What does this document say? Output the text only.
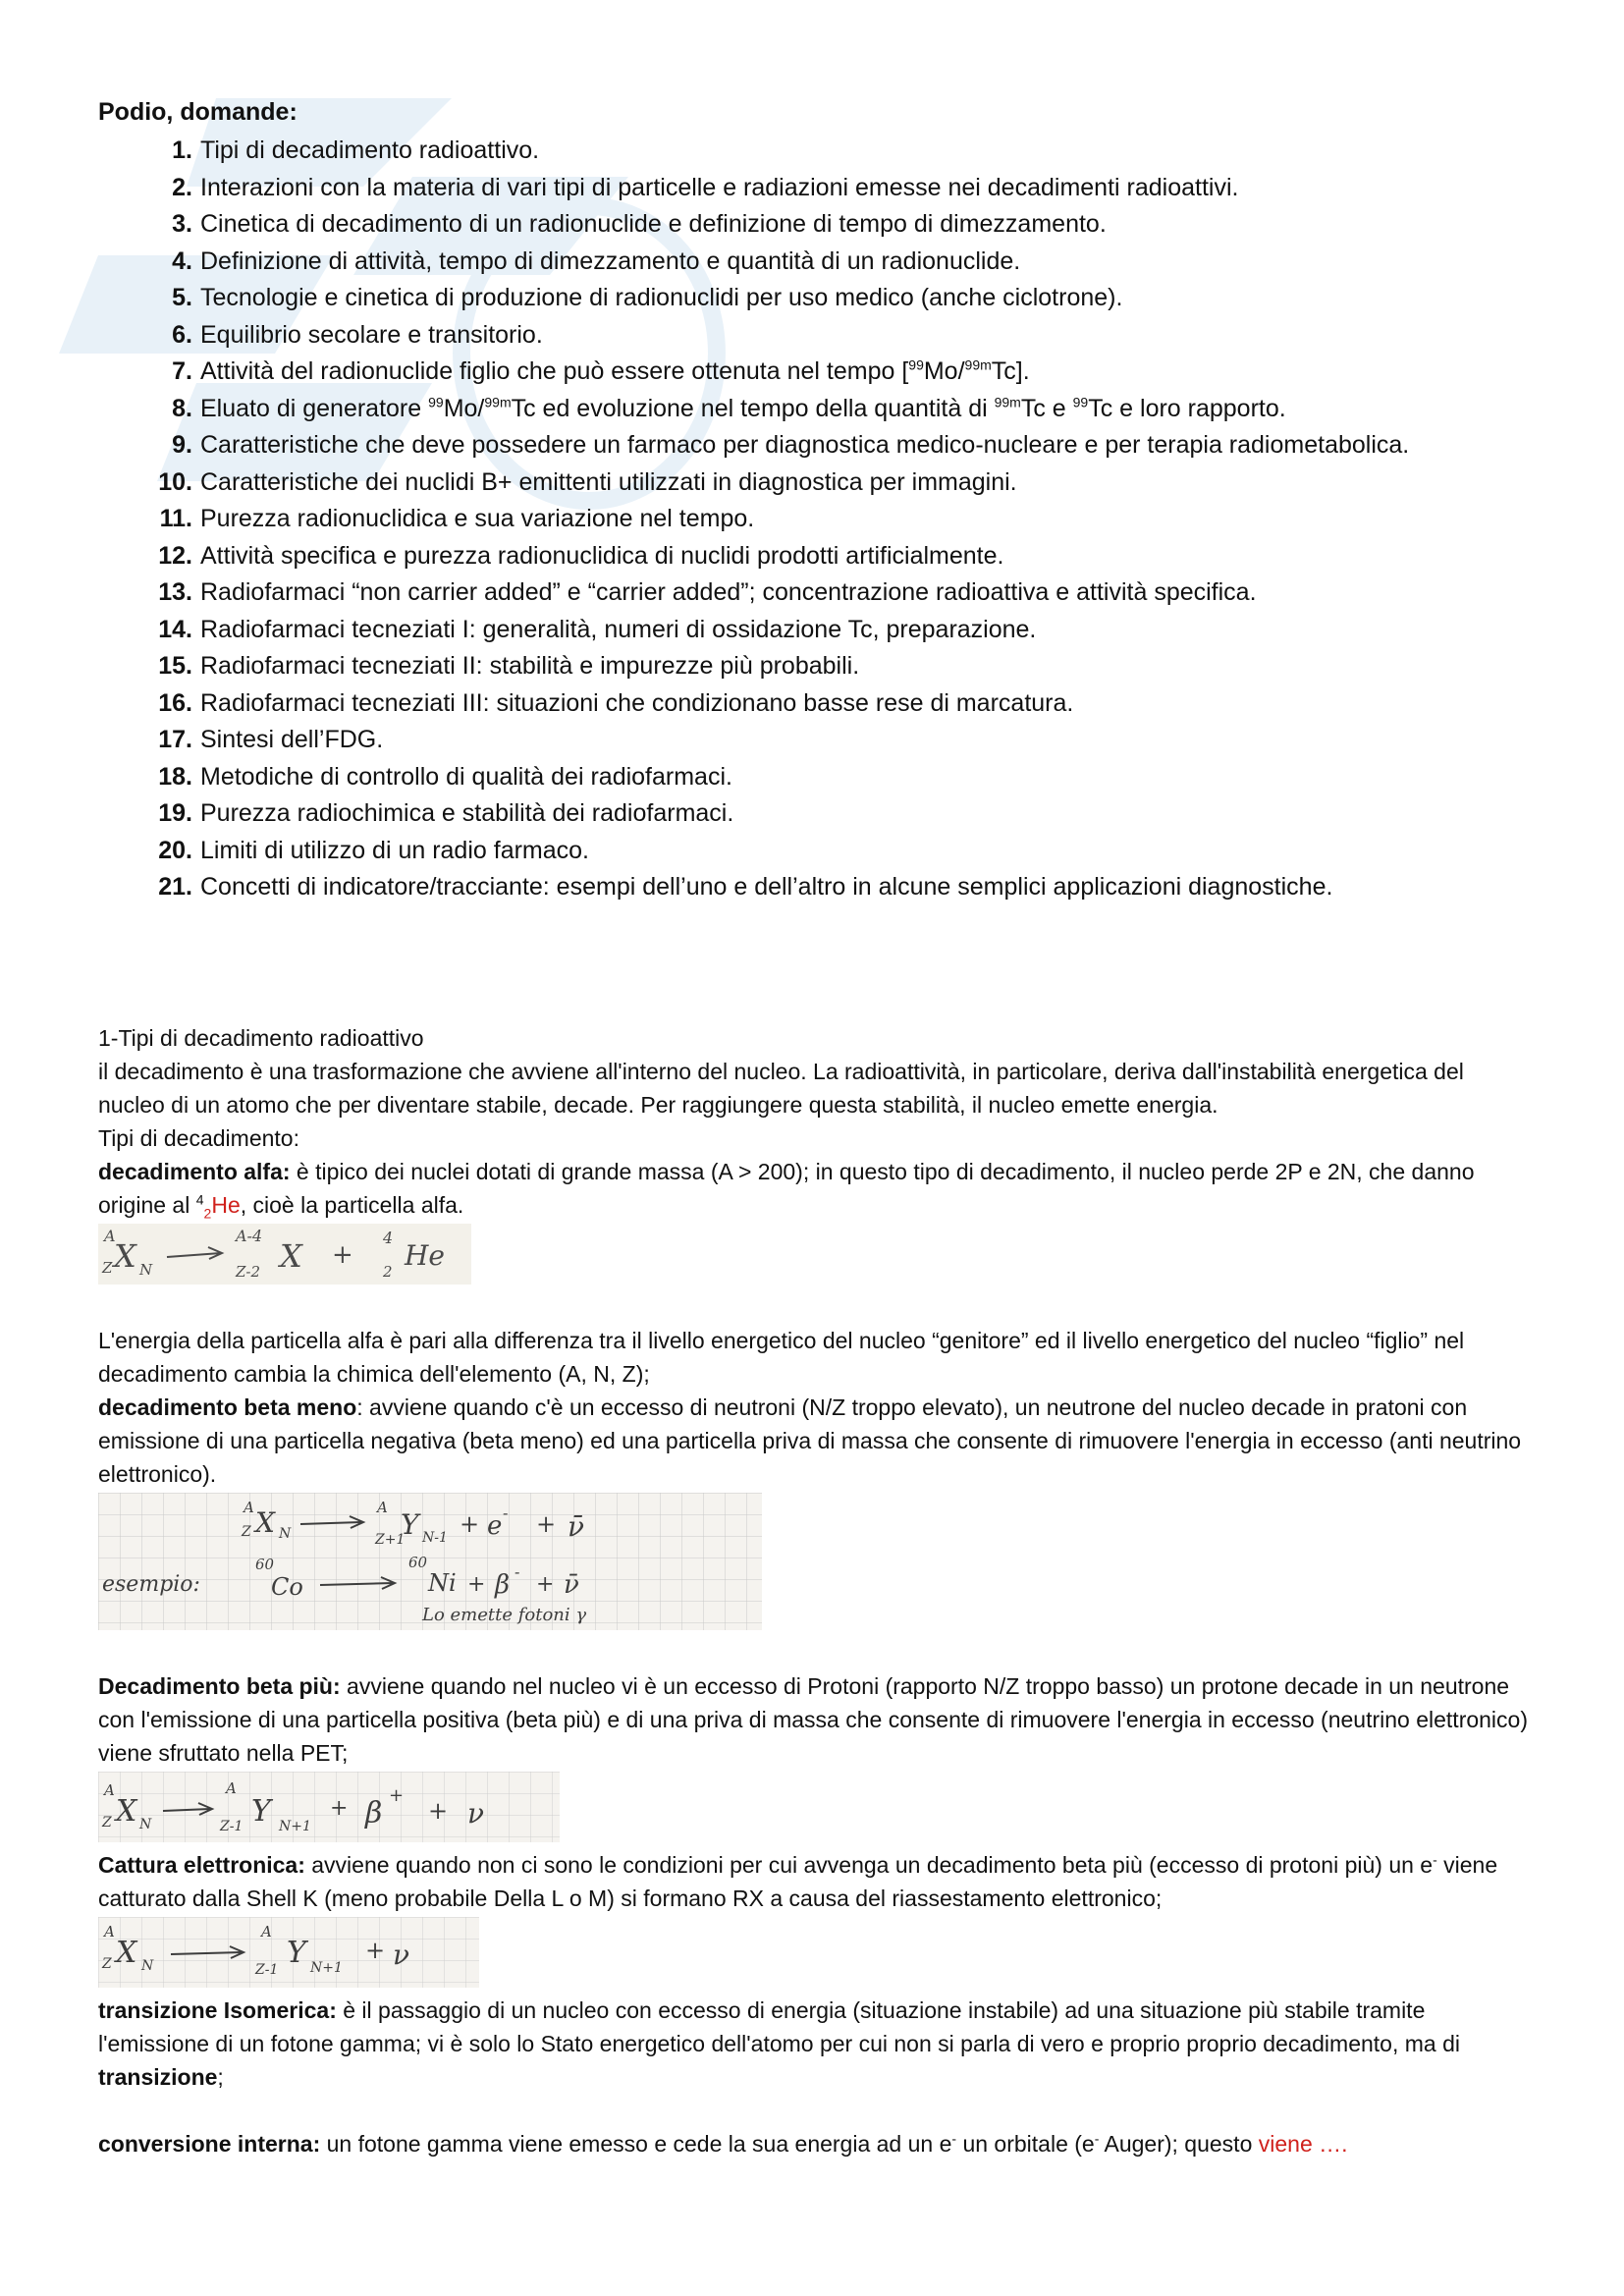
Podio, domande:
1. Tipi di decadimento radioattivo.
2. Interazioni con la materia di vari tipi di particelle e radiazioni emesse nei decadimenti radioattivi.
3. Cinetica di decadimento di un radionuclide e definizione di tempo di dimezzamento.
4. Definizione di attività, tempo di dimezzamento e quantità di un radionuclide.
5. Tecnologie e cinetica di produzione di radionuclidi per uso medico (anche ciclotrone).
6. Equilibrio secolare e transitorio.
7. Attività del radionuclide figlio che può essere ottenuta nel tempo [$^{99}$Mo/$^{99m}$Tc].
8. Eluato di generatore $^{99}$Mo/$^{99m}$Tc ed evoluzione nel tempo della quantità di $^{99m}$Tc e $^{99}$Tc e loro rapporto.
9. Caratteristiche che deve possedere un farmaco per diagnostica medico-nucleare e per terapia radiometabolica.
10. Caratteristiche dei nuclidi B+ emittenti utilizzati in diagnostica per immagini.
11. Purezza radionuclidica e sua variazione nel tempo.
12. Attività specifica e purezza radionuclidica di nuclidi prodotti artificialmente.
13. Radiofarmaci “non carrier added” e “carrier added”; concentrazione radioattiva e attività specifica.
14. Radiofarmaci tecneziati I: generalità, numeri di ossidazione Tc, preparazione.
15. Radiofarmaci tecneziati II: stabilità e impurezze più probabili.
16. Radiofarmaci tecneziati III: situazioni che condizionano basse rese di marcatura.
17. Sintesi dell’FDG.
18. Metodiche di controllo di qualità dei radiofarmaci.
19. Purezza radiochimica e stabilità dei radiofarmaci.
20. Limiti di utilizzo di un radio farmaco.
21. Concetti di indicatore/tracciante: esempi dell’uno e dell’altro in alcune semplici applicazioni diagnostiche.

1-Tipi di decadimento radioattivo

il decadimento è una trasformazione che avviene all'interno del nucleo. La radioattività, in particolare, deriva dall'instabilità energetica del nucleo di un atomo che per diventare stabile, decade. Per raggiungere questa stabilità, il nucleo emette energia.

Tipi di decadimento:

decadimento alfa: è tipico dei nuclei dotati di grande massa (A > 200); in questo tipo di decadimento, il nucleo perde 2P e 2N, che danno origine al $^4_2$He, cioè la particella alfa.

A
Z X N
A-4
Z-2 X +
4
2 He

L'energia della particella alfa è pari alla differenza tra il livello energetico del nucleo “genitore” ed il livello energetico del nucleo “figlio” nel decadimento cambia la chimica dell'elemento (A, N, Z);

decadimento beta meno: avviene quando c'è un eccesso di neutroni (N/Z troppo elevato), un neutrone del nucleo decade in pratoni con emissione di una particella negativa (beta meno) ed una particella priva di massa che consente di rimuovere l'energia in eccesso (anti neutrino elettronico).

A
Z X N
A
Z+1
Y N-1 + e - + ν̄
esempio:
60
Co
60
Ni + β -
+ ν̄
Lo emette fotoni γ

Decadimento beta più: avviene quando nel nucleo vi è un eccesso di Protoni (rapporto N/Z troppo basso) un protone decade in un neutrone con l'emissione di una particella positiva (beta più) e di una priva di massa che consente di rimuovere l'energia in eccesso (neutrino elettronico) viene sfruttato nella PET;

A
Z X N
A
Z-1 Y N+1
+ β
+
+ ν

Cattura elettronica: avviene quando non ci sono le condizioni per cui avvenga un decadimento beta più (eccesso di protoni più) un e- viene catturato dalla Shell K (meno probabile Della L o M) si formano RX a causa del riassestamento elettronico;

A
Z X N
A
Z-1 Y N+1
+ ν

transizione Isomerica: è il passaggio di un nucleo con eccesso di energia (situazione instabile) ad una situazione più stabile tramite l'emissione di un fotone gamma; vi è solo lo Stato energetico dell'atomo per cui non si parla di vero e proprio proprio decadimento, ma di transizione;

conversione interna: un fotone gamma viene emesso e cede la sua energia ad un e- un orbitale (e- Auger); questo viene ….
